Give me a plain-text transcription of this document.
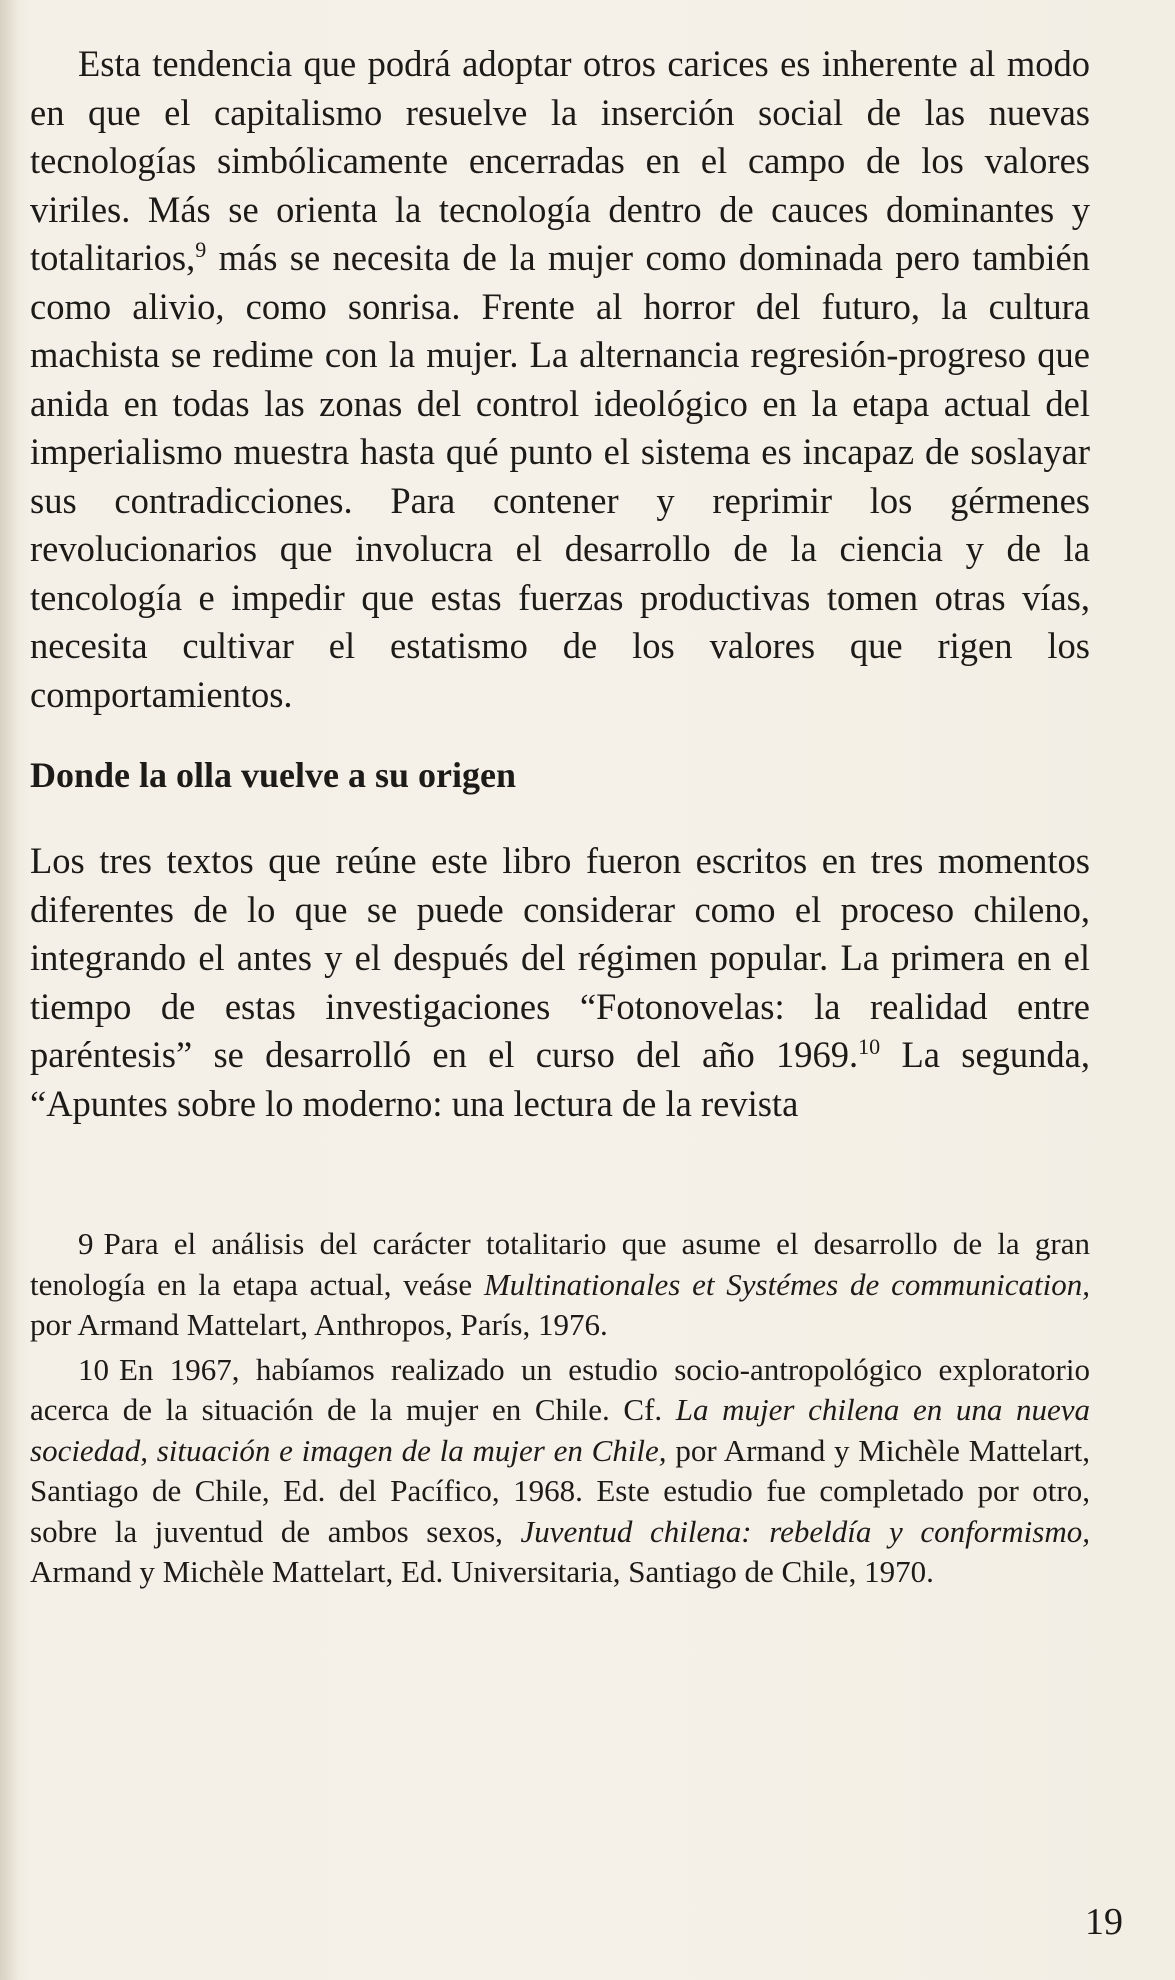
Esta tendencia que podrá adoptar otros carices es inherente al modo en que el capitalismo resuelve la inserción social de las nuevas tecnologías simbólicamente encerradas en el campo de los valores viriles. Más se orienta la tecnología dentro de cauces dominantes y totalitarios,$^9$ más se necesita de la mujer como dominada pero también como alivio, como sonrisa. Frente al horror del futuro, la cultura machista se redime con la mujer. La alternancia regresión-progreso que anida en todas las zonas del control ideológico en la etapa actual del imperialismo muestra hasta qué punto el sistema es incapaz de soslayar sus contradicciones. Para contener y reprimir los gérmenes revolucionarios que involucra el desarrollo de la ciencia y de la tencología e impedir que estas fuerzas productivas tomen otras vías, necesita cultivar el estatismo de los valores que rigen los comportamientos.

Donde la olla vuelve a su origen

Los tres textos que reúne este libro fueron escritos en tres momentos diferentes de lo que se puede considerar como el proceso chileno, integrando el antes y el después del régimen popular. La primera en el tiempo de estas investigaciones “Fotonovelas: la realidad entre paréntesis” se desarrolló en el curso del año 1969.10 La segunda, “Apuntes sobre lo moderno: una lectura de la revista

9 Para el análisis del carácter totalitario que asume el desarrollo de la gran tenología en la etapa actual, veáse Multinationales et Systémes de communication, por Armand Mattelart, Anthropos, París, 1976.

10 En 1967, habíamos realizado un estudio socio-antropológico exploratorio acerca de la situación de la mujer en Chile. Cf. La mujer chilena en una nueva sociedad, situación e imagen de la mujer en Chile, por Armand y Michèle Mattelart, Santiago de Chile, Ed. del Pacífico, 1968. Este estudio fue completado por otro, sobre la juventud de ambos sexos, Juventud chilena: rebeldía y conformismo, Armand y Michèle Mattelart, Ed. Universitaria, Santiago de Chile, 1970.

19
